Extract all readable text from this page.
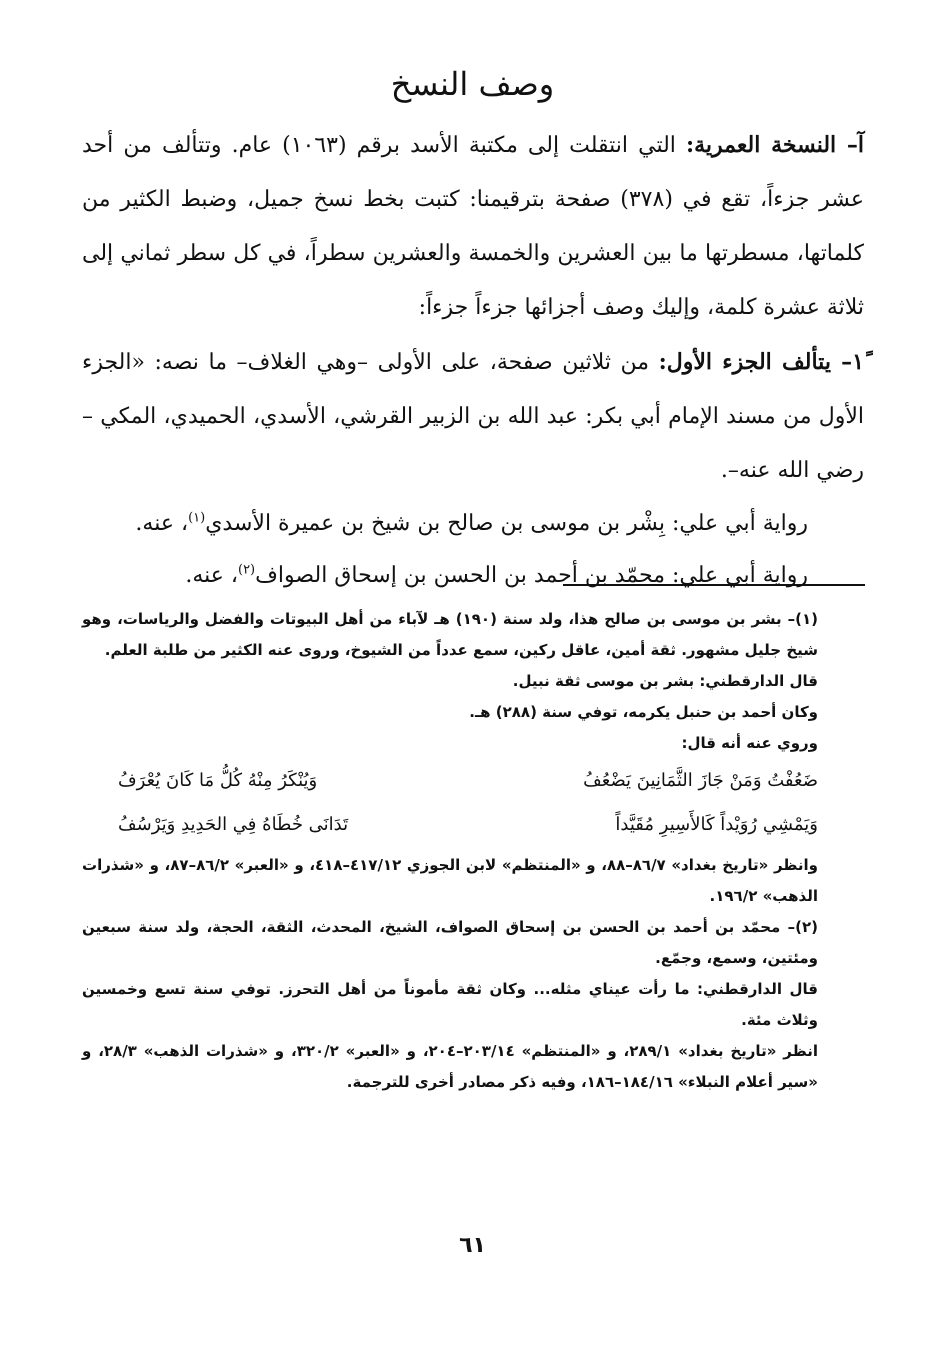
وصف النسخ

آ– النسخة العمرية: التي انتقلت إلى مكتبة الأسد برقم (١٠٦٣) عام. وتتألف من أحد عشر جزءاً، تقع في (٣٧٨) صفحة بترقيمنا: كتبت بخط نسخ جميل، وضبط الكثير من كلماتها، مسطرتها ما بين العشرين والخمسة والعشرين سطراً، في كل سطر ثماني إلى ثلاثة عشرة كلمة، وإليك وصف أجزائها جزءاً جزءاً:

١ً– يتألف الجزء الأول: من ثلاثين صفحة، على الأولى –وهي الغلاف– ما نصه: «الجزء الأول من مسند الإمام أبي بكر: عبد الله بن الزبير القرشي، الأسدي، الحميدي، المكي –رضي الله عنه–.

رواية أبي علي: بِشْر بن موسى بن صالح بن شيخ بن عميرة الأسدي$^{(١)}$، عنه.

رواية أبي علي: محمّد بن أحمد بن الحسن بن إسحاق الصواف$^{(٢)}$، عنه.

(١)– بشر بن موسى بن صالح هذا، ولد سنة (١٩٠) هـ لآباء من أهل البيوتات والفضل والرياسات، وهو شيخ جليل مشهور. ثقة أمين، عاقل ركين، سمع عدداً من الشيوخ، وروى عنه الكثير من طلبة العلم.

قال الدارقطني: بشر بن موسى ثقة نبيل.

وكان أحمد بن حنبل يكرمه، توفي سنة (٢٨٨) هـ.

وروي عنه أنه قال:

ضَعُفْتُ وَمَنْ جَازَ الثَّمَانِينَ يَضْعُفُ
وَيُنْكَرُ مِنْهُ كُلُّ مَا كَانَ يُعْرَفُ
وَيَمْشِي رُوَيْداً كَالأَسِيرِ مُقَيَّداً
تَدَانَى خُطَاهُ فِي الحَدِيدِ وَيَرْسُفُ

وانظر «تاريخ بغداد» ٨٦/٧–٨٨، و «المنتظم» لابن الجوزي ٤١٧/١٢–٤١٨، و «العبر» ٨٦/٢–٨٧، و «شذرات الذهب» ١٩٦/٢.

(٢)– محمّد بن أحمد بن الحسن بن إسحاق الصواف، الشيخ، المحدث، الثقة، الحجة، ولد سنة سبعين ومئتين، وسمع، وجمّع.

قال الدارقطني: ما رأت عيناي مثله... وكان ثقة مأموناً من أهل التحرز. توفي سنة تسع وخمسين وثلاث مئة.

انظر «تاريخ بغداد» ٢٨٩/١، و «المنتظم» ٢٠٣/١٤–٢٠٤، و «العبر» ٣٢٠/٢، و «شذرات الذهب» ٢٨/٣، و «سير أعلام النبلاء» ١٨٤/١٦–١٨٦، وفيه ذكر مصادر أخرى للترجمة.

٦١
